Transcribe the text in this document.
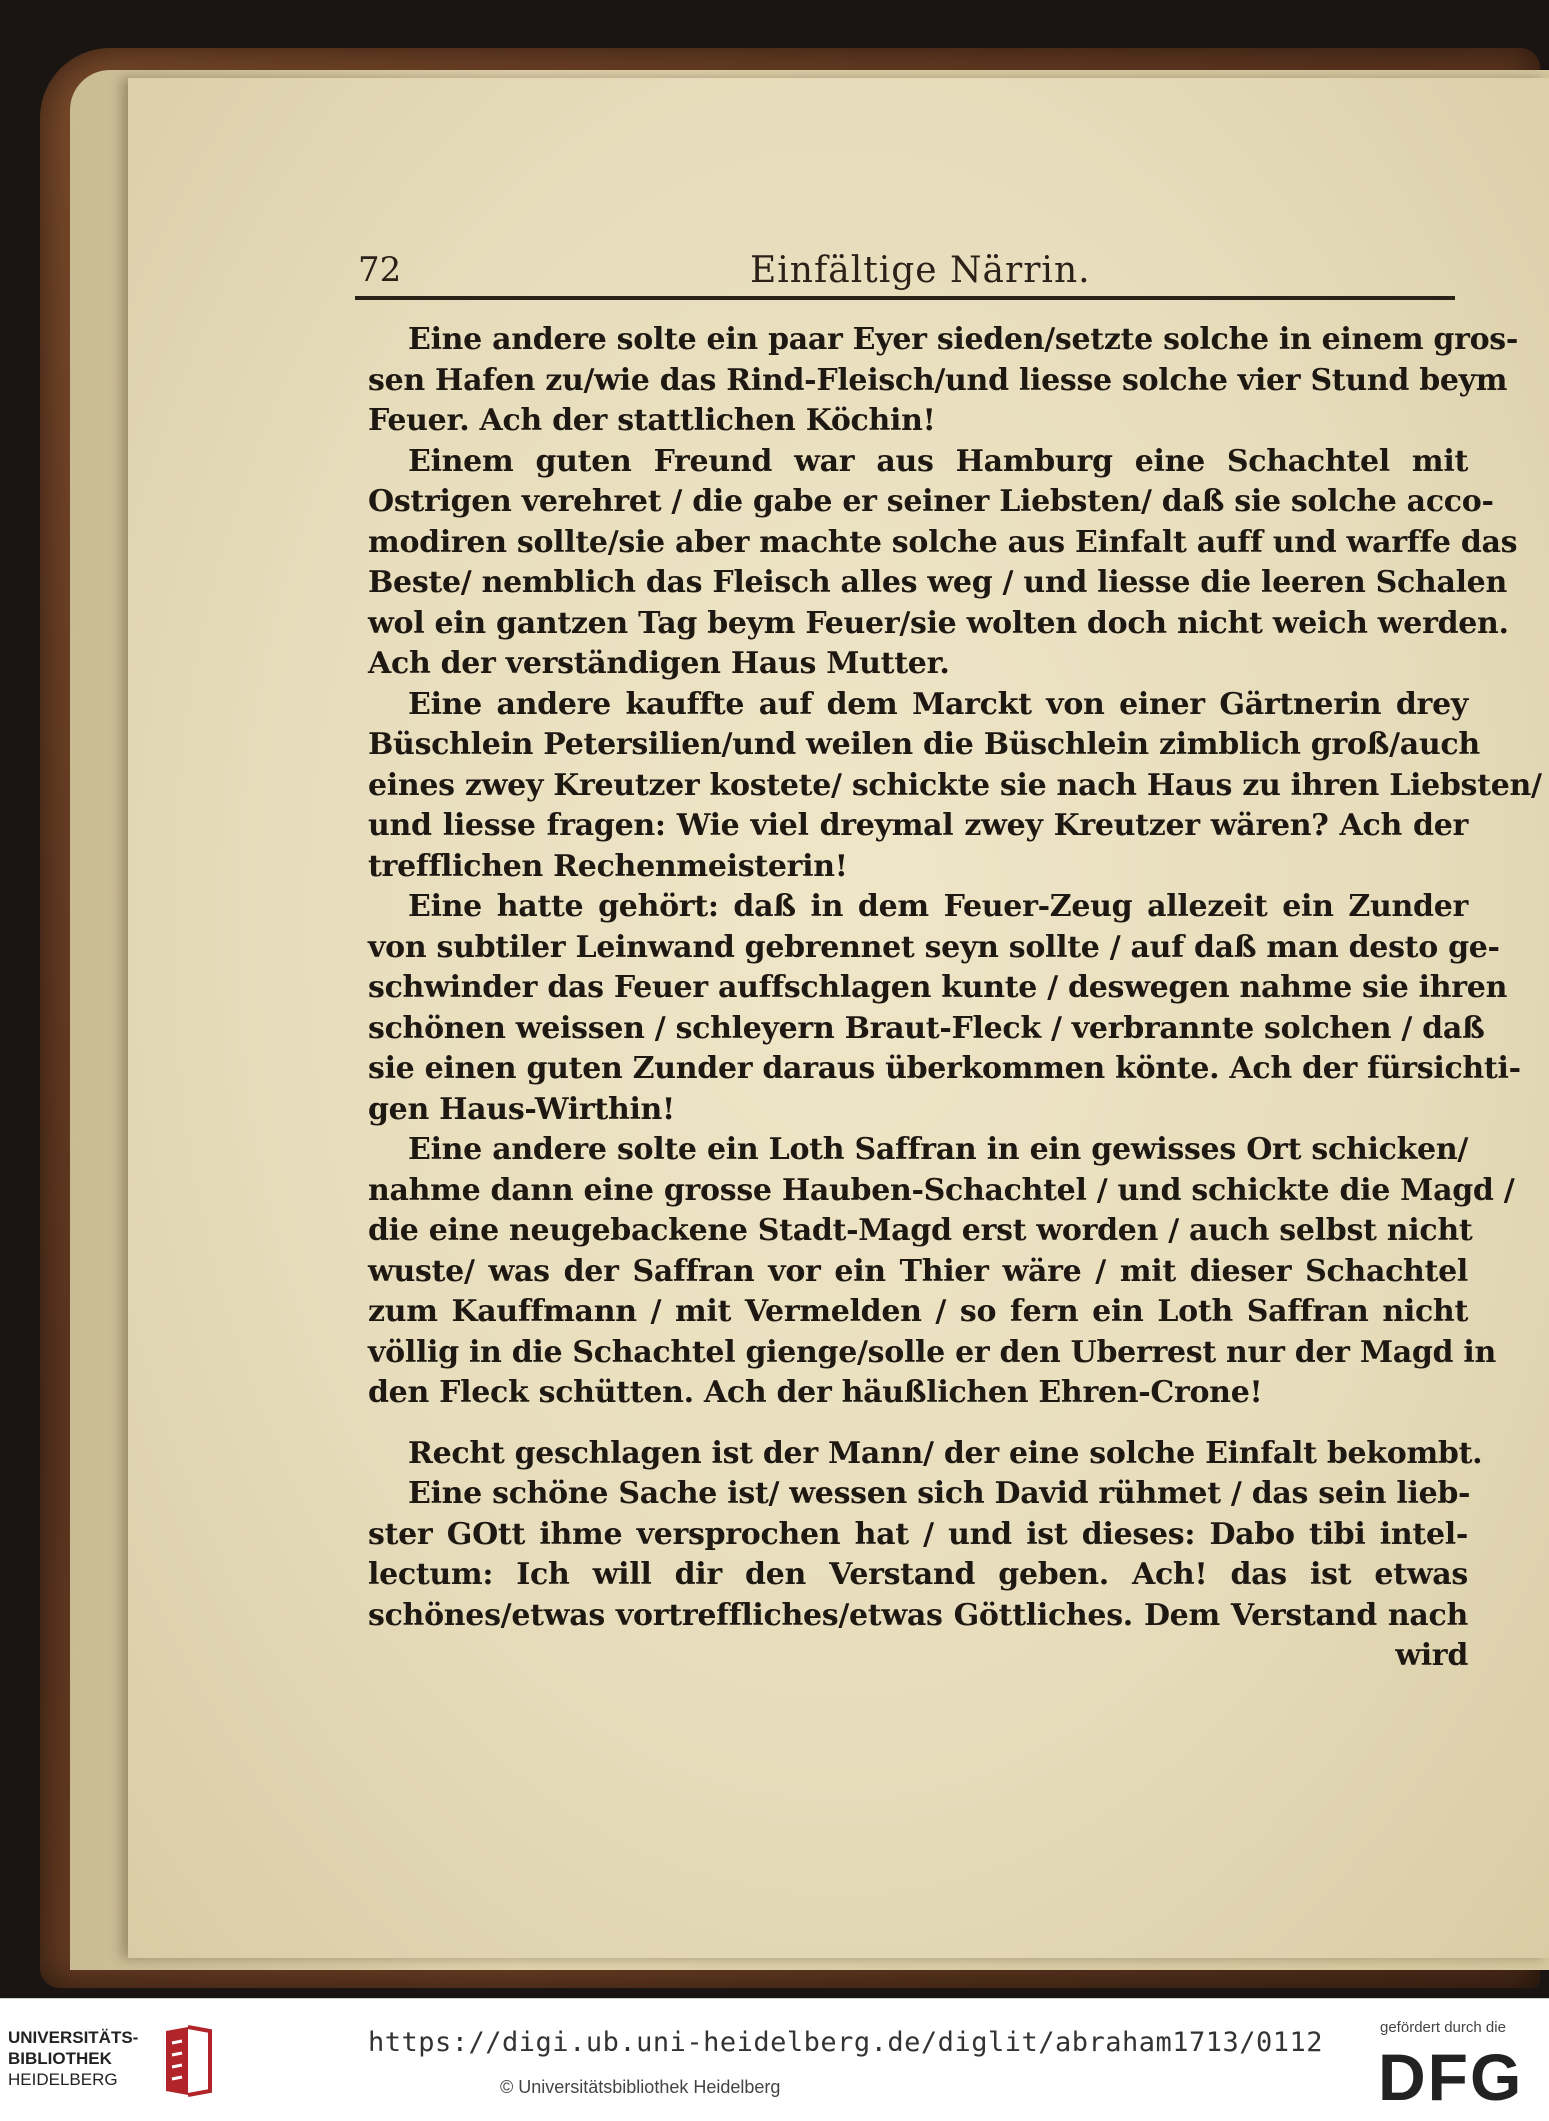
72	Einfältige Närrin.
Eine andere solte ein paar Eyer sieden/setzte solche in einem gros-
sen Hafen zu/wie das Rind-Fleisch/und liesse solche vier Stund beym
Feuer. Ach der stattlichen Köchin!
Einem guten Freund war aus Hamburg eine Schachtel mit
Ostrigen verehret / die gabe er seiner Liebsten/ daß sie solche acco-
modiren sollte/sie aber machte solche aus Einfalt auff und warffe das
Beste/ nemblich das Fleisch alles weg / und liesse die leeren Schalen
wol ein gantzen Tag beym Feuer/sie wolten doch nicht weich werden.
Ach der verständigen Haus Mutter.
Eine andere kauffte auf dem Marckt von einer Gärtnerin drey
Büschlein Petersilien/und weilen die Büschlein zimblich groß/auch
eines zwey Kreutzer kostete/ schickte sie nach Haus zu ihren Liebsten/
und liesse fragen: Wie viel dreymal zwey Kreutzer wären? Ach der
trefflichen Rechenmeisterin!
Eine hatte gehört: daß in dem Feuer-Zeug allezeit ein Zunder
von subtiler Leinwand gebrennet seyn sollte / auf daß man desto ge-
schwinder das Feuer auffschlagen kunte / deswegen nahme sie ihren
schönen weissen / schleyern Braut-Fleck / verbrannte solchen / daß
sie einen guten Zunder daraus überkommen könte. Ach der fürsichti-
gen Haus-Wirthin!
Eine andere solte ein Loth Saffran in ein gewisses Ort schicken/
nahme dann eine grosse Hauben-Schachtel / und schickte die Magd /
die eine neugebackene Stadt-Magd erst worden / auch selbst nicht
wuste/ was der Saffran vor ein Thier wäre / mit dieser Schachtel
zum Kauffmann / mit Vermelden / so fern ein Loth Saffran nicht
völlig in die Schachtel gienge/solle er den Uberrest nur der Magd in
den Fleck schütten. Ach der häußlichen Ehren-Crone!
Recht geschlagen ist der Mann/ der eine solche Einfalt bekombt.
Eine schöne Sache ist/ wessen sich David rühmet / das sein lieb-
ster GOtt ihme versprochen hat / und ist dieses: Dabo tibi intel-
lectum: Ich will dir den Verstand geben. Ach! das ist etwas
schönes/etwas vortreffliches/etwas Göttliches. Dem Verstand nach
wird
UNIVERSITÄTS-
BIBLIOTHEK
HEIDELBERG
https://digi.ub.uni-heidelberg.de/diglit/abraham1713/0112
© Universitätsbibliothek Heidelberg
gefördert durch die
DFG
